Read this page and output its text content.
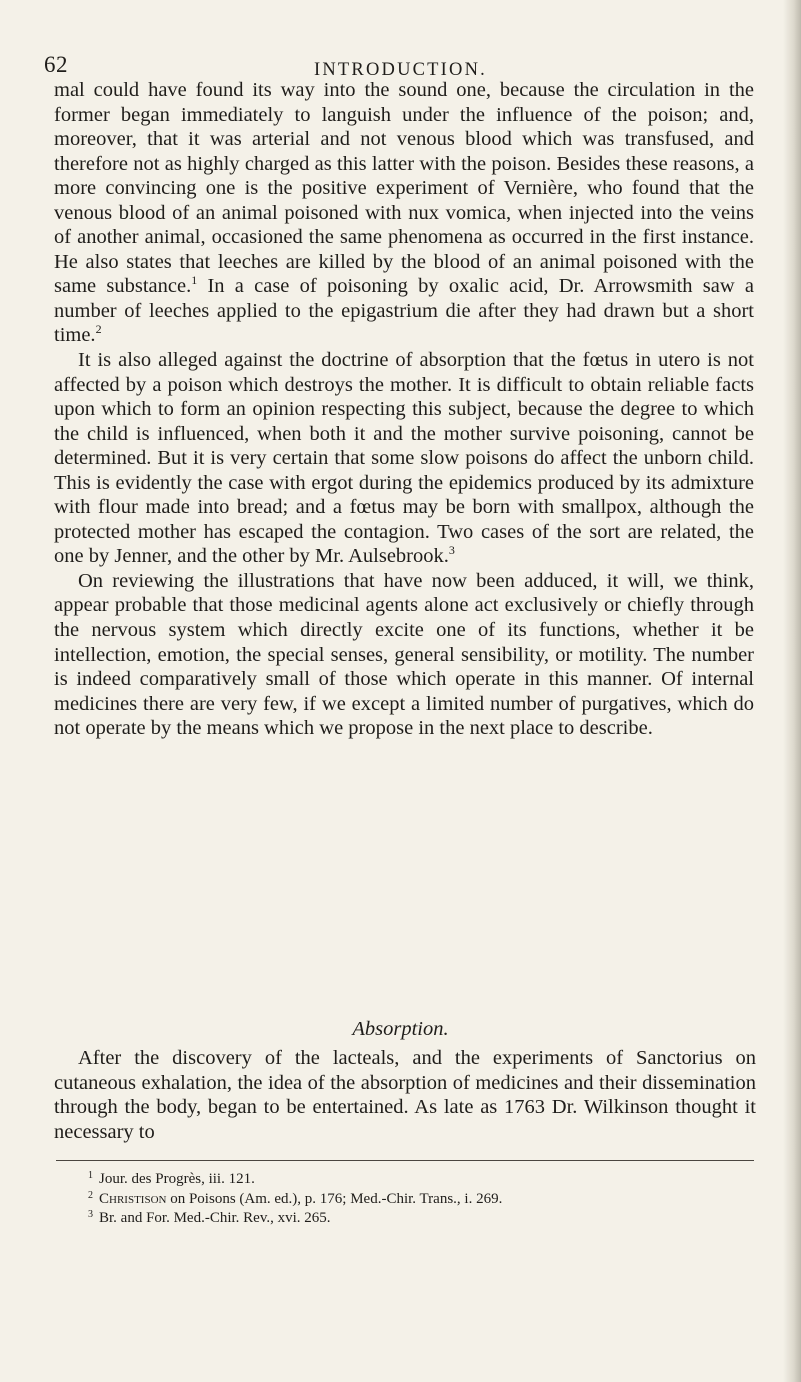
62	INTRODUCTION.

mal could have found its way into the sound one, because the circulation in the former began immediately to languish under the influence of the poison; and, moreover, that it was arterial and not venous blood which was transfused, and therefore not as highly charged as this latter with the poison. Besides these reasons, a more convincing one is the positive experiment of Vernière, who found that the venous blood of an animal poisoned with nux vomica, when injected into the veins of another animal, occasioned the same phenomena as occurred in the first instance. He also states that leeches are killed by the blood of an animal poisoned with the same substance.$^1$ In a case of poisoning by oxalic acid, Dr. Arrowsmith saw a number of leeches applied to the epigastrium die after they had drawn but a short time.$^2$

It is also alleged against the doctrine of absorption that the fœtus in utero is not affected by a poison which destroys the mother. It is difficult to obtain reliable facts upon which to form an opinion respecting this subject, because the degree to which the child is influenced, when both it and the mother survive poisoning, cannot be determined. But it is very certain that some slow poisons do affect the unborn child. This is evidently the case with ergot during the epidemics produced by its admixture with flour made into bread; and a fœtus may be born with smallpox, although the protected mother has escaped the contagion. Two cases of the sort are related, the one by Jenner, and the other by Mr. Aulsebrook.$^3$

On reviewing the illustrations that have now been adduced, it will, we think, appear probable that those medicinal agents alone act exclusively or chiefly through the nervous system which directly excite one of its functions, whether it be intellection, emotion, the special senses, general sensibility, or motility. The number is indeed comparatively small of those which operate in this manner. Of internal medicines there are very few, if we except a limited number of purgatives, which do not operate by the means which we propose in the next place to describe.

Absorption.

After the discovery of the lacteals, and the experiments of Sanctorius on cutaneous exhalation, the idea of the absorption of medicines and their dissemination through the body, began to be entertained. As late as 1763 Dr. Wilkinson thought it necessary to

$^1$ Jour. des Progrès, iii. 121.
$^2$ Christison on Poisons (Am. ed.), p. 176; Med.-Chir. Trans., i. 269.
$^3$ Br. and For. Med.-Chir. Rev., xvi. 265.
